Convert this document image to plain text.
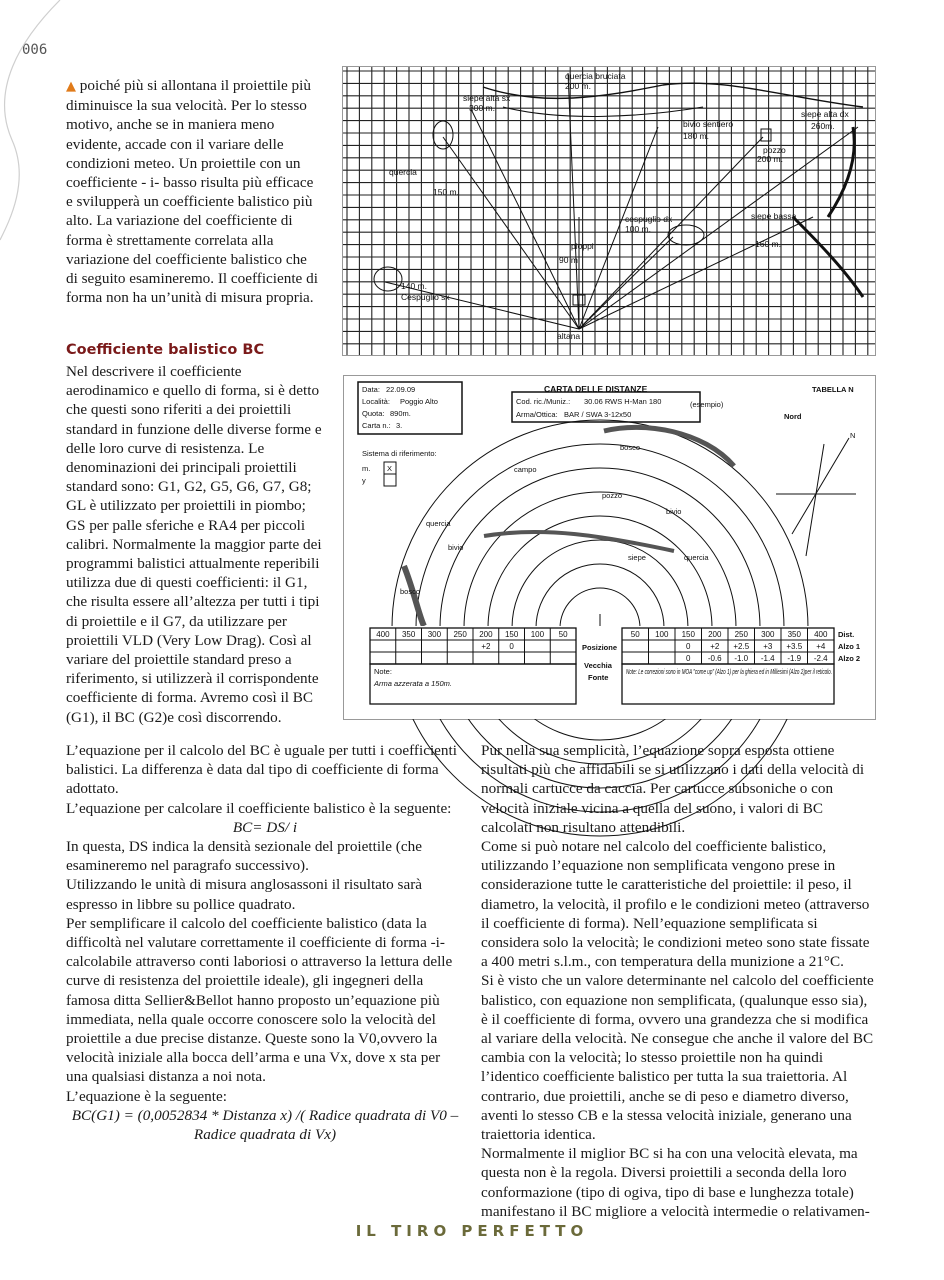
006

▲ poiché più si allontana il proiettile più diminuisce la sua velocità. Per lo stesso motivo, anche se in maniera meno evidente, accade con il variare delle condizioni meteo. Un proiettile con un coefficiente - i- basso risulta più efficace e svilupperà un coefficiente balistico più alto. La variazione del coefficiente di forma è strettamente correlata alla variazione del coefficiente balistico che di seguito esamineremo. Il coefficiente di forma non ha un’unità di misura propria.

Coefficiente balistico BC

Nel descrivere il coefficiente aerodinamico e quello di forma, si è detto che questi sono riferiti a dei proiettili standard in funzione delle diverse forme e delle loro curve di resistenza. Le denominazioni dei principali proiettili standard sono: G1, G2, G5, G6, G7, G8; GL è utilizzato per proiettili in piombo; GS per palle sferiche e RA4 per piccoli calibri. Normalmente la maggior parte dei programmi balistici attualmente reperibili utilizza due di questi coefficienti: il G1, che risulta essere all’altezza per tutti i tipi di proiettile e il G7, da utilizzare per proiettili VLD (Very Low Drag). Così al variare del proiettile standard preso a riferimento, si utilizzerà il corrispondente coefficiente di forma. Avremo così il BC (G1), il BC (G2)e così discorrendo.

L’equazione per il calcolo del BC è uguale per tutti i coefficienti balistici. La differenza è data dal tipo di coefficiente di forma adottato.

L’equazione per calcolare il coefficiente balistico è la seguente:

BC= DS/ i

In questa, DS indica la densità sezionale del proiettile (che esamineremo nel paragrafo successivo).

Utilizzando le unità di misura anglosassoni il risultato sarà espresso in libbre su pollice quadrato.

Per semplificare il calcolo del coefficiente balistico (data la difficoltà nel valutare correttamente il coefficiente di forma -i- calcolabile attraverso conti laboriosi o attraverso la lettura delle curve di resistenza del proiettile ideale), gli ingegneri della famosa ditta Sellier&Bellot hanno proposto un’equazione più immediata, nella quale occorre conoscere solo la velocità del proiettile a due precise distanze. Queste sono la V0,ovvero la velocità iniziale alla bocca dell’arma e una Vx, dove x sta per una qualsiasi distanza a noi nota.

L’equazione è la seguente:

BC(G1) = (0,0052834 * Distanza x) /( Radice quadrata di V0 – Radice quadrata di Vx)

Pur nella sua semplicità, l’equazione sopra esposta ottiene risultati più che affidabili se si utilizzano i dati della velocità di normali cartucce da caccia. Per cartucce subsoniche o con velocità iniziale vicina a quella del suono, i valori di BC calcolati non risultano attendibili.

Come si può notare nel calcolo del coefficiente balistico, utilizzando l’equazione non semplificata vengono prese in considerazione tutte le caratteristiche del proiettile: il peso, il diametro, la velocità, il profilo e le condizioni meteo (attraverso il coefficiente di forma). Nell’equazione semplificata si considera solo la velocità; le condizioni meteo sono state fissate a 400 metri s.l.m., con temperatura della munizione a 21°C.

Si è visto che un valore determinante nel calcolo del coefficiente balistico, con equazione non semplificata, (qualunque esso sia), è il coefficiente di forma, ovvero una grandezza che si modifica al variare della velocità. Ne consegue che anche il valore del BC cambia con la velocità; lo stesso proiettile non ha quindi l’identico coefficiente balistico per tutta la sua traiettoria. Al contrario, due proiettili, anche se di peso e diametro diverso, aventi lo stesso CB e la stessa velocità iniziale, generano una traiettoria identica.

Normalmente il miglior BC si ha con una velocità elevata, ma questa non è la regola. Diversi proiettili a seconda della loro conformazione (tipo di ogiva, tipo di base e lunghezza totale) manifestano il BC migliore a velocità intermedie o relativamen-

quercia bruciata
200 m.
siepe alta sx
300 m.
bivio sentiero
180 m.
siepe alta dx
260m.
pozzo
200 m.
quercia
150 m.
cespuglio dx
100 m.
siepe bassa
160 m.
pioppi
90 m.
140 m.
Cespuglio sx
altana
400 350 300 250 200 150 100 50
+2 0
50 100 150 200 250 300 350 400
0 +2 +2.5 +3 +3.5 +4
0 -0.6 -1.0 -1.4 -1.9 -2.4
Data: 22.09.09
Località: Poggio Alto
Quota: 890m.
Carta n.: 3.
Cod. ric./Muniz.: 30.06 RWS H-Man 180
Arma/Ottica: BAR / SWA 3-12x50
CARTA DELLE DISTANZE	TABELLA N
(esempio)
Nord
N
Sistema di riferimento:
m. X
y
bosco
campo
pozzo
bivio
quercia
bivio
siepe	quercia
bosco
Posizione
Vecchia
Fonte
Dist.
Alzo 1
Alzo 2
Note:
Arma azzerata a 150m.
Note: Le correzioni sono in MOA "come up" (Alzo 1) per la ghiera ed in Millesimi (Alzo 2)per il reticolo.
IL TIRO PERFETTO
